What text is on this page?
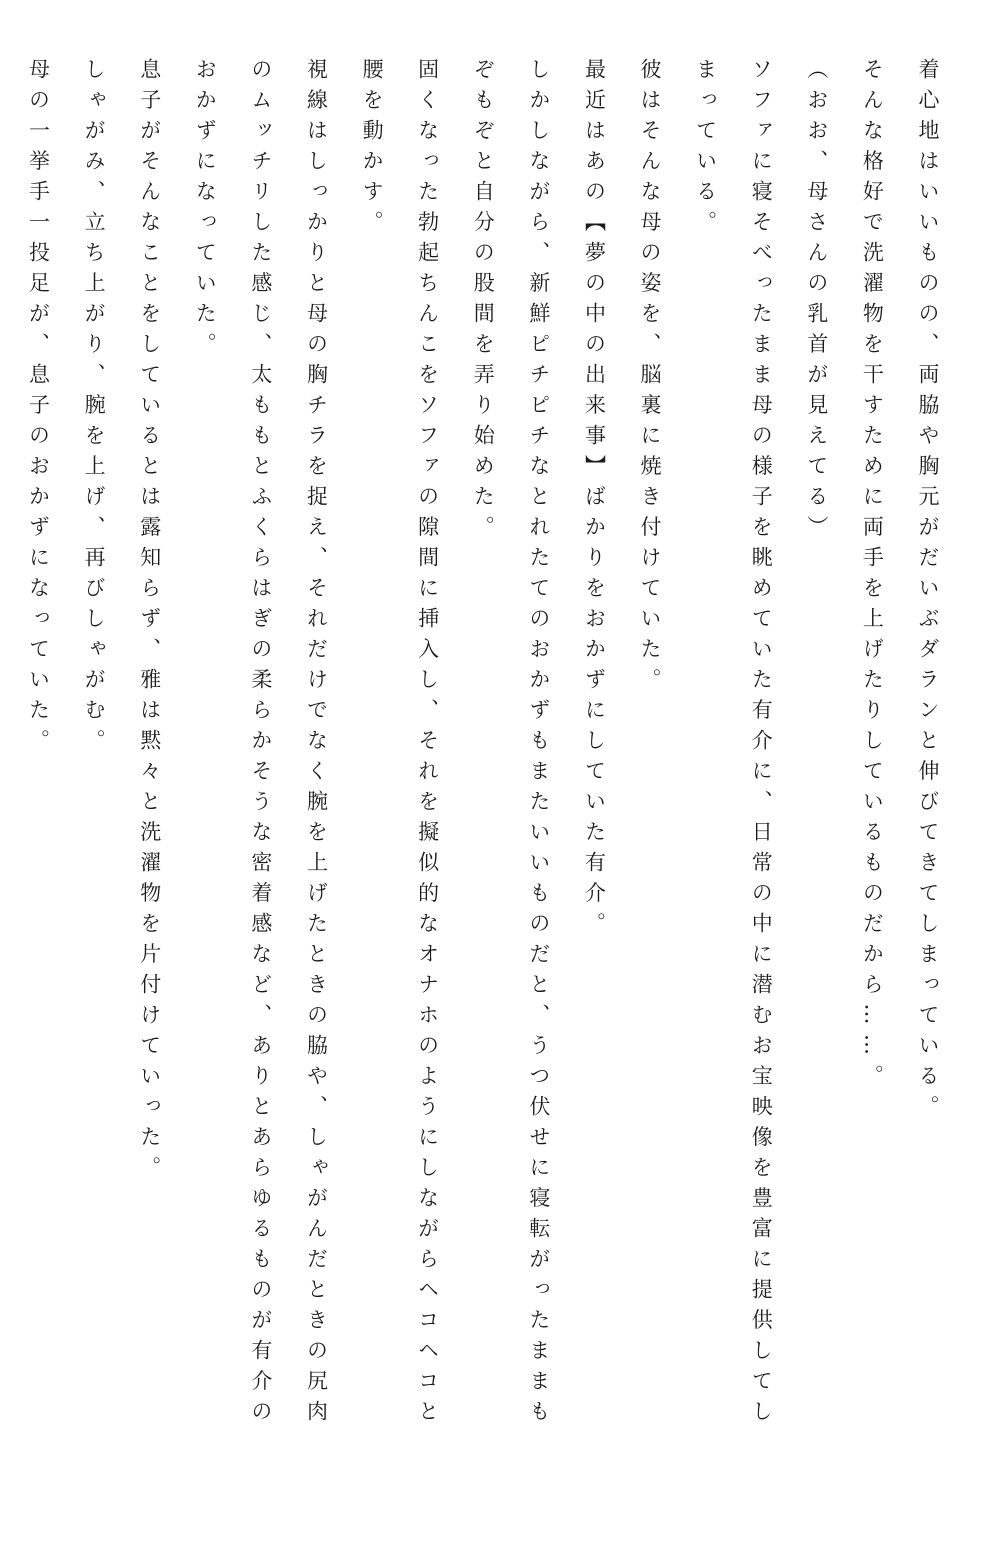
着心地はいいものの、両脇や胸元がだいぶダランと伸びてきてしまっている。

そんな格好で洗濯物を干すために両手を上げたりしているものだから……。

（おお、母さんの乳首が見えてる）

ソファに寝そべったまま母の様子を眺めていた有介に、日常の中に潜むお宝映像を豊富に提供してしまっている。

彼はそんな母の姿を、脳裏に焼き付けていた。

最近はあの【夢の中の出来事】ばかりをおかずにしていた有介。

しかしながら、新鮮ピチピチなとれたてのおかずもまたいいものだと、うつ伏せに寝転がったままもぞもぞと自分の股間を弄り始めた。

固くなった勃起ちんこをソファの隙間に挿入し、それを擬似的なオナホのようにしながらヘコヘコと腰を動かす。

視線はしっかりと母の胸チラを捉え、それだけでなく腕を上げたときの脇や、しゃがんだときの尻肉のムッチリした感じ、太ももとふくらはぎの柔らかそうな密着感など、ありとあらゆるものが有介のおかずになっていた。

息子がそんなことをしているとは露知らず、雅は黙々と洗濯物を片付けていった。

しゃがみ、立ち上がり、腕を上げ、再びしゃがむ。

母の一挙手一投足が、息子のおかずになっていた。
